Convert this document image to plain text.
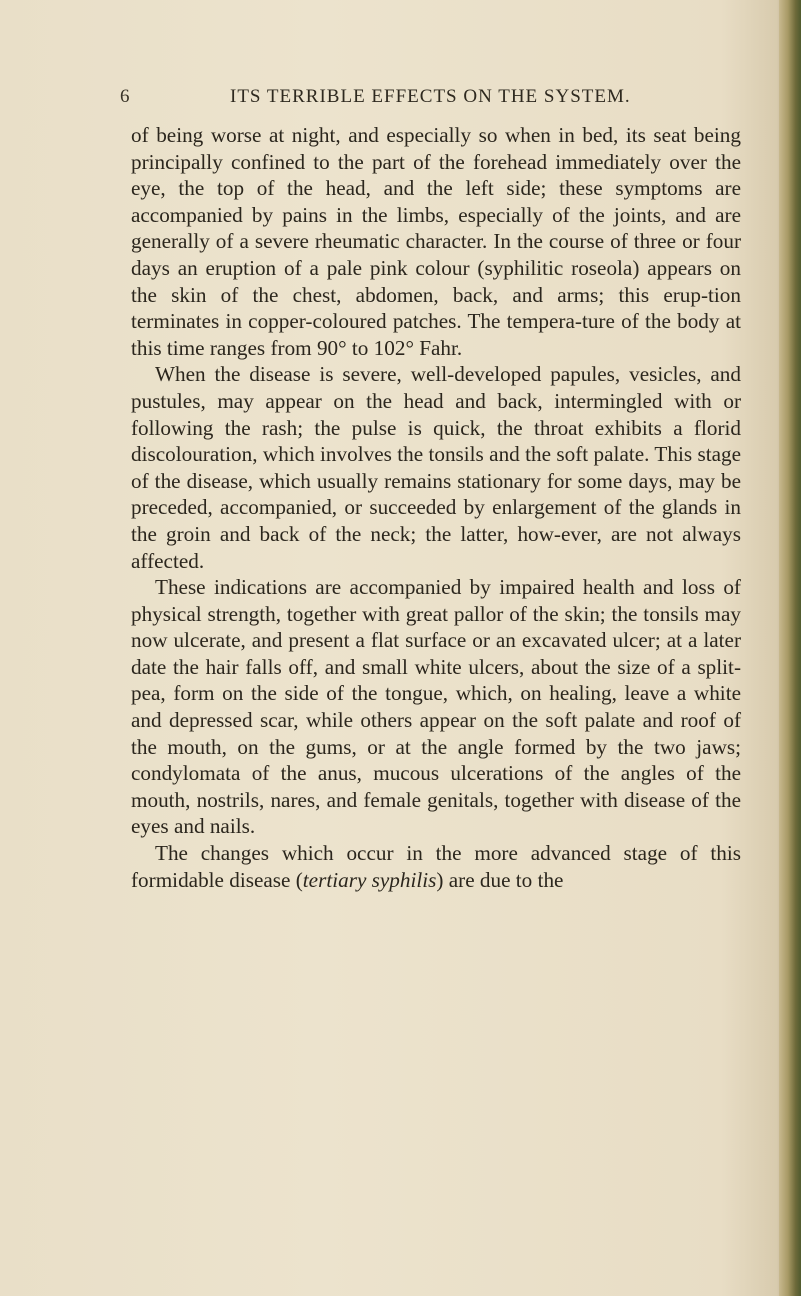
6	ITS TERRIBLE EFFECTS ON THE SYSTEM.

of being worse at night, and especially so when in bed, its seat being principally confined to the part of the forehead immediately over the eye, the top of the head, and the left side; these symptoms are accompanied by pains in the limbs, especially of the joints, and are generally of a severe rheumatic character. In the course of three or four days an eruption of a pale pink colour (syphilitic roseola) appears on the skin of the chest, abdomen, back, and arms; this erup-tion terminates in copper-coloured patches. The tempera-ture of the body at this time ranges from 90° to 102° Fahr.

When the disease is severe, well-developed papules, vesicles, and pustules, may appear on the head and back, intermingled with or following the rash; the pulse is quick, the throat exhibits a florid discolouration, which involves the tonsils and the soft palate. This stage of the disease, which usually remains stationary for some days, may be preceded, accompanied, or succeeded by enlargement of the glands in the groin and back of the neck; the latter, how-ever, are not always affected.

These indications are accompanied by impaired health and loss of physical strength, together with great pallor of the skin; the tonsils may now ulcerate, and present a flat surface or an excavated ulcer; at a later date the hair falls off, and small white ulcers, about the size of a split-pea, form on the side of the tongue, which, on healing, leave a white and depressed scar, while others appear on the soft palate and roof of the mouth, on the gums, or at the angle formed by the two jaws; condylomata of the anus, mucous ulcerations of the angles of the mouth, nostrils, nares, and female genitals, together with disease of the eyes and nails.

The changes which occur in the more advanced stage of this formidable disease (tertiary syphilis) are due to the
